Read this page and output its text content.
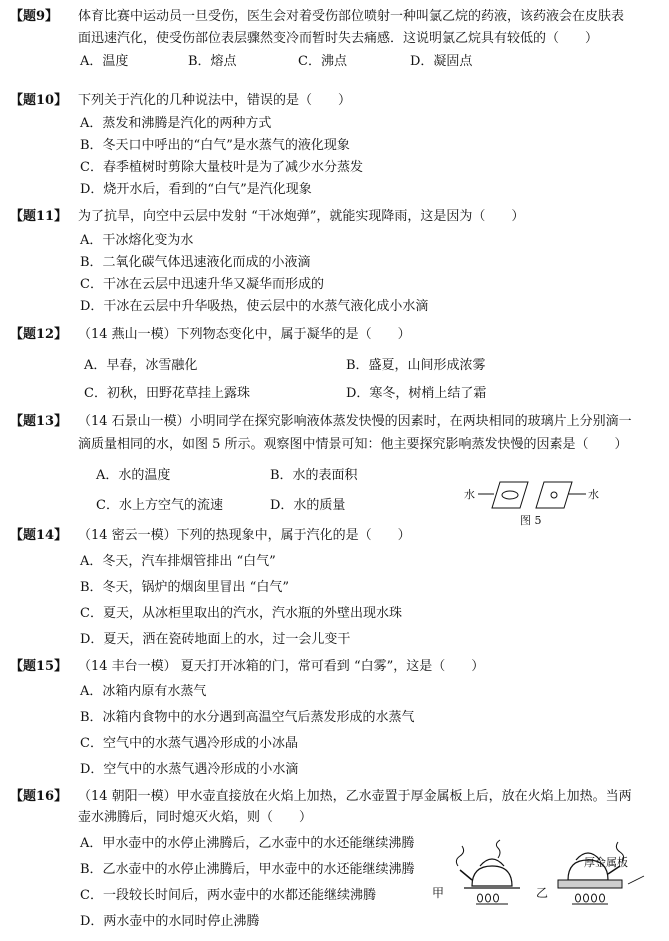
【题9】 体育比赛中运动员一旦受伤，医生会对着受伤部位喷射一种叫氯乙烷的药液，该药液会在皮肤表
面迅速汽化，使受伤部位表层骤然变冷而暂时失去痛感．这说明氯乙烷具有较低的（　　）
A．温度	B．熔点	C．沸点	D．凝固点
【题10】 下列关于汽化的几种说法中，错误的是（　　）
A．蒸发和沸腾是汽化的两种方式
B．冬天口中呼出的“白气”是水蒸气的液化现象
C．春季植树时剪除大量枝叶是为了减少水分蒸发
D．烧开水后，看到的“白气”是汽化现象
【题11】 为了抗旱，向空中云层中发射 “干冰炮弹”，就能实现降雨，这是因为（　　）
A．干冰熔化变为水
B．二氧化碳气体迅速液化而成的小液滴
C．干冰在云层中迅速升华又凝华而形成的
D．干冰在云层中升华吸热，使云层中的水蒸气液化成小水滴
【题12】 （14 燕山一模）下列物态变化中，属于凝华的是（　　）
A．早春，冰雪融化	B．盛夏，山间形成浓雾
C．初秋，田野花草挂上露珠	D．寒冬，树梢上结了霜
【题13】 （14 石景山一模）小明同学在探究影响液体蒸发快慢的因素时，在两块相同的玻璃片上分别滴一
滴质量相同的水，如图 5 所示。观察图中情景可知：他主要探究影响蒸发快慢的因素是（　　）
A．水的温度	B．水的表面积
C．水上方空气的流速	D．水的质量
水	水
图 5
【题14】 （14 密云一模）下列的热现象中，属于汽化的是（　　）
A．冬天，汽车排烟管排出 “白气”
B．冬天，锅炉的烟囱里冒出 “白气”
C．夏天，从冰柜里取出的汽水，汽水瓶的外壁出现水珠
D．夏天，洒在瓷砖地面上的水，过一会儿变干
【题15】 （14 丰台一模） 夏天打开冰箱的门，常可看到 “白雾”，这是（　　）
A．冰箱内原有水蒸气
B．冰箱内食物中的水分遇到高温空气后蒸发形成的水蒸气
C．空气中的水蒸气遇冷形成的小冰晶
D．空气中的水蒸气遇冷形成的小水滴
【题16】 （14 朝阳一模）甲水壶直接放在火焰上加热，乙水壶置于厚金属板上后，放在火焰上加热。当两
壶水沸腾后，同时熄灭火焰，则（　　）
A．甲水壶中的水停止沸腾后，乙水壶中的水还能继续沸腾
B．乙水壶中的水停止沸腾后，甲水壶中的水还能继续沸腾
C．一段较长时间后，两水壶中的水都还能继续沸腾
D．两水壶中的水同时停止沸腾
甲	乙
厚金属板
